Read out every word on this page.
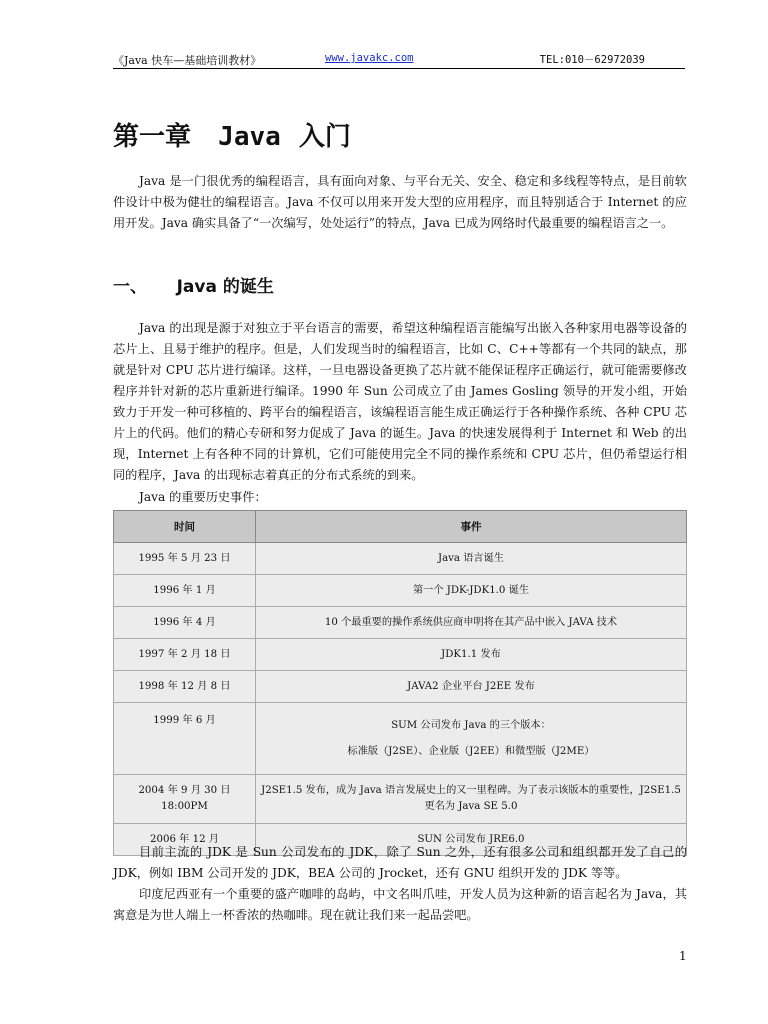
《Java 快车—基础培训教材》	www.javakc.com	TEL:010－62972039
第一章 Java 入门
Java 是一门很优秀的编程语言，具有面向对象、与平台无关、安全、稳定和多线程等特点，是目前软件设计中极为健壮的编程语言。Java 不仅可以用来开发大型的应用程序，而且特别适合于 Internet 的应用开发。Java 确实具备了“一次编写，处处运行”的特点，Java 已成为网络时代最重要的编程语言之一。
一、 Java 的诞生
Java 的出现是源于对独立于平台语言的需要，希望这种编程语言能编写出嵌入各种家用电器等设备的芯片上、且易于维护的程序。但是，人们发现当时的编程语言，比如 C、C++等都有一个共同的缺点，那就是针对 CPU 芯片进行编译。这样，一旦电器设备更换了芯片就不能保证程序正确运行，就可能需要修改程序并针对新的芯片重新进行编译。1990 年 Sun 公司成立了由 James Gosling 领导的开发小组，开始致力于开发一种可移植的、跨平台的编程语言，该编程语言能生成正确运行于各种操作系统、各种 CPU 芯片上的代码。他们的精心专研和努力促成了 Java 的诞生。Java 的快速发展得利于 Internet 和 Web 的出现，Internet 上有各种不同的计算机，它们可能使用完全不同的操作系统和 CPU 芯片，但仍希望运行相同的程序，Java 的出现标志着真正的分布式系统的到来。
Java 的重要历史事件：
时间	事件
1995 年 5 月 23 日	Java 语言诞生
1996 年 1 月	第一个 JDK-JDK1.0 诞生
1996 年 4 月	10 个最重要的操作系统供应商申明将在其产品中嵌入 JAVA 技术
1997 年 2 月 18 日	JDK1.1 发布
1998 年 12 月 8 日	JAVA2 企业平台 J2EE 发布
1999 年 6 月	SUM 公司发布 Java 的三个版本：
标准版（J2SE）、企业版（J2EE）和微型版（J2ME）

2004 年 9 月 30 日
18:00PM	J2SE1.5 发布，成为 Java 语言发展史上的又一里程碑。为了表示该版本的重要性，J2SE1.5 更名为 Java SE 5.0
2006 年 12 月	SUN 公司发布 JRE6.0
目前主流的 JDK 是 Sun 公司发布的 JDK，除了 Sun 之外，还有很多公司和组织都开发了自己的 JDK，例如 IBM 公司开发的 JDK，BEA 公司的 Jrocket，还有 GNU 组织开发的 JDK 等等。
印度尼西亚有一个重要的盛产咖啡的岛屿，中文名叫爪哇，开发人员为这种新的语言起名为 Java，其寓意是为世人端上一杯香浓的热咖啡。现在就让我们来一起品尝吧。
1
